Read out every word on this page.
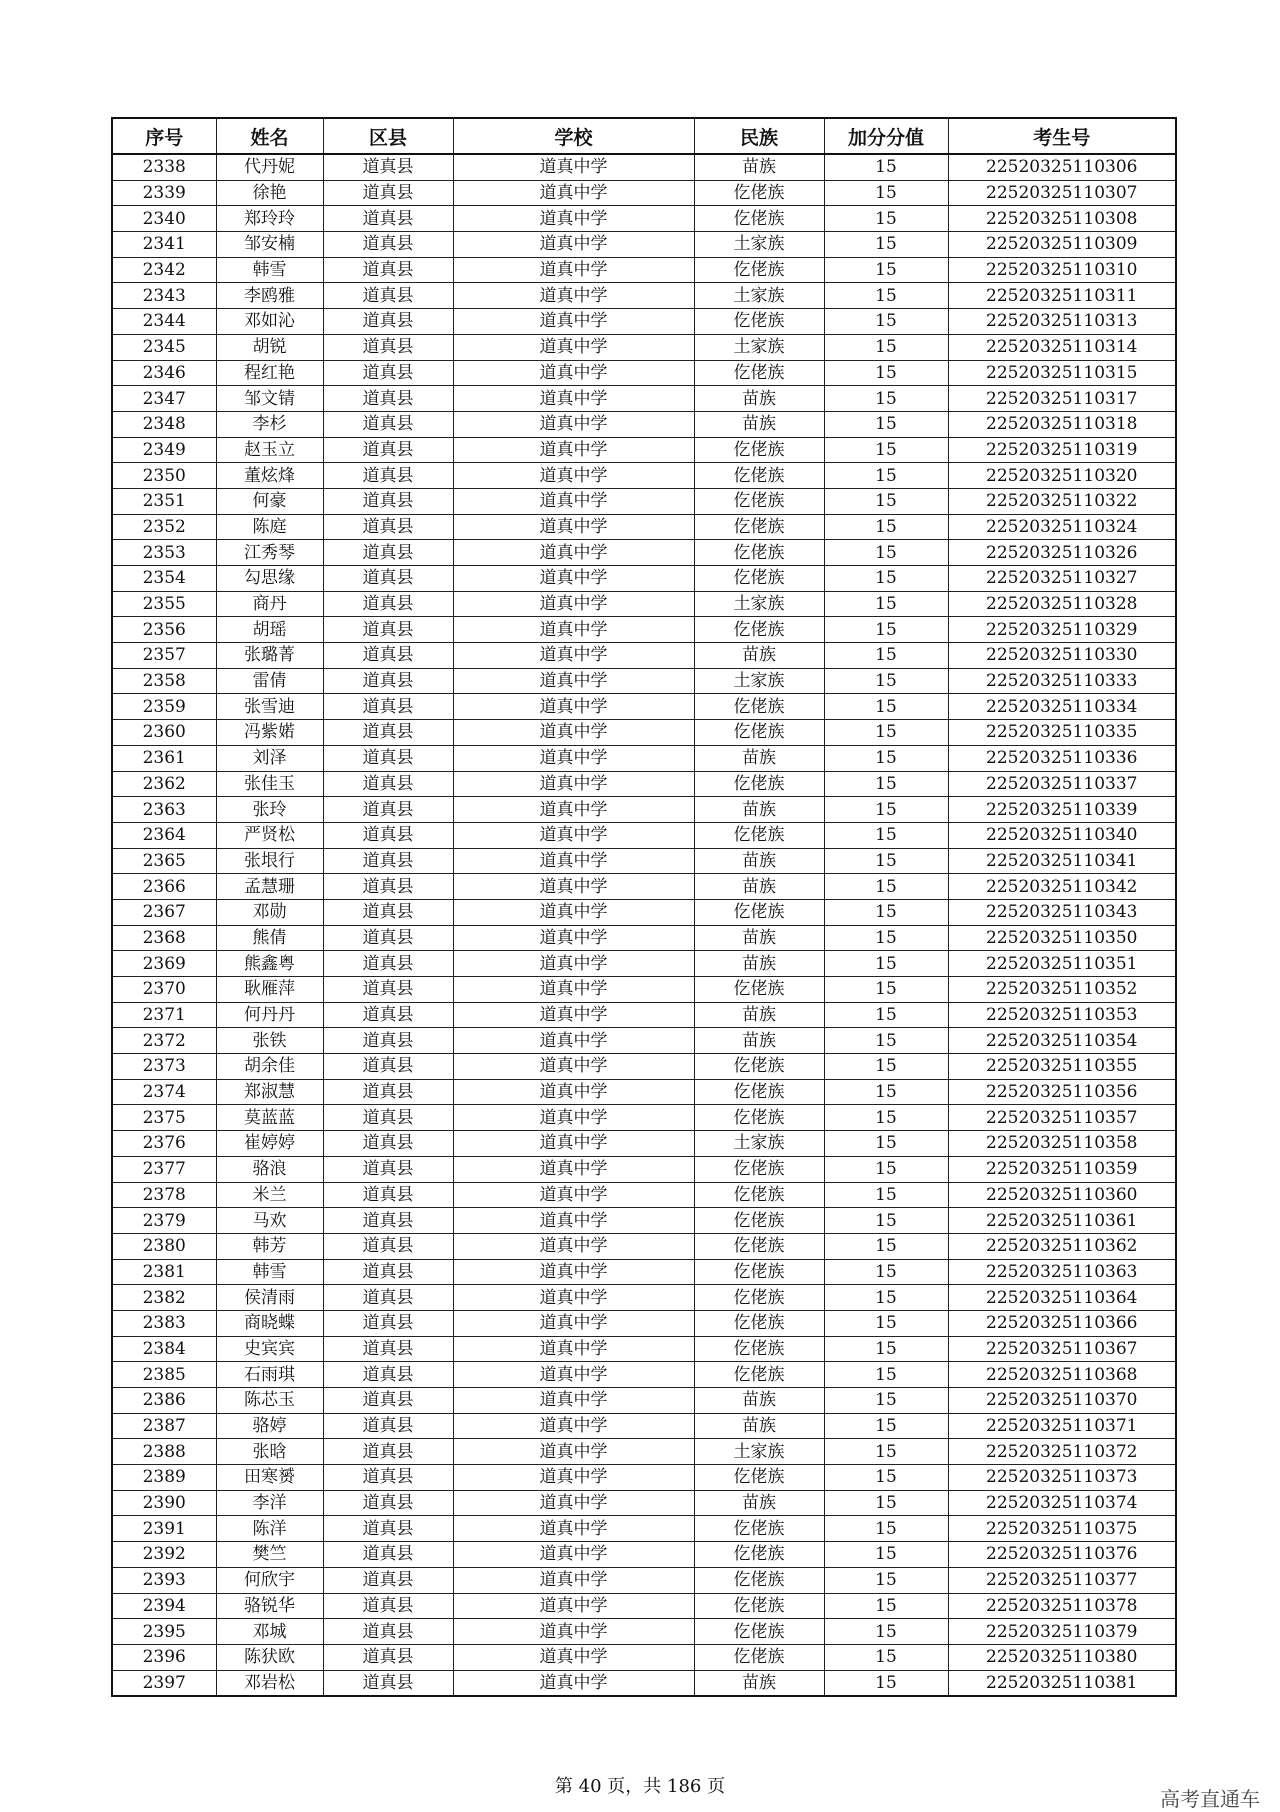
序号	姓名	区县	学校	民族	加分分值	考生号
2338	代丹妮	道真县	道真中学	苗族	15	22520325110306
2339	徐艳	道真县	道真中学	仡佬族	15	22520325110307
2340	郑玲玲	道真县	道真中学	仡佬族	15	22520325110308
2341	邹安楠	道真县	道真中学	土家族	15	22520325110309
2342	韩雪	道真县	道真中学	仡佬族	15	22520325110310
2343	李鸥雅	道真县	道真中学	土家族	15	22520325110311
2344	邓如沁	道真县	道真中学	仡佬族	15	22520325110313
2345	胡锐	道真县	道真中学	土家族	15	22520325110314
2346	程红艳	道真县	道真中学	仡佬族	15	22520325110315
2347	邹文锖	道真县	道真中学	苗族	15	22520325110317
2348	李杉	道真县	道真中学	苗族	15	22520325110318
2349	赵玉立	道真县	道真中学	仡佬族	15	22520325110319
2350	董炫烽	道真县	道真中学	仡佬族	15	22520325110320
2351	何豪	道真县	道真中学	仡佬族	15	22520325110322
2352	陈庭	道真县	道真中学	仡佬族	15	22520325110324
2353	江秀琴	道真县	道真中学	仡佬族	15	22520325110326
2354	勾思缘	道真县	道真中学	仡佬族	15	22520325110327
2355	商丹	道真县	道真中学	土家族	15	22520325110328
2356	胡瑶	道真县	道真中学	仡佬族	15	22520325110329
2357	张璐菁	道真县	道真中学	苗族	15	22520325110330
2358	雷倩	道真县	道真中学	土家族	15	22520325110333
2359	张雪迪	道真县	道真中学	仡佬族	15	22520325110334
2360	冯紫婼	道真县	道真中学	仡佬族	15	22520325110335
2361	刘泽	道真县	道真中学	苗族	15	22520325110336
2362	张佳玉	道真县	道真中学	仡佬族	15	22520325110337
2363	张玲	道真县	道真中学	苗族	15	22520325110339
2364	严贤松	道真县	道真中学	仡佬族	15	22520325110340
2365	张垠行	道真县	道真中学	苗族	15	22520325110341
2366	孟慧珊	道真县	道真中学	苗族	15	22520325110342
2367	邓勋	道真县	道真中学	仡佬族	15	22520325110343
2368	熊倩	道真县	道真中学	苗族	15	22520325110350
2369	熊鑫粤	道真县	道真中学	苗族	15	22520325110351
2370	耿雁萍	道真县	道真中学	仡佬族	15	22520325110352
2371	何丹丹	道真县	道真中学	苗族	15	22520325110353
2372	张铁	道真县	道真中学	苗族	15	22520325110354
2373	胡余佳	道真县	道真中学	仡佬族	15	22520325110355
2374	郑淑慧	道真县	道真中学	仡佬族	15	22520325110356
2375	莫蓝蓝	道真县	道真中学	仡佬族	15	22520325110357
2376	崔婷婷	道真县	道真中学	土家族	15	22520325110358
2377	骆浪	道真县	道真中学	仡佬族	15	22520325110359
2378	米兰	道真县	道真中学	仡佬族	15	22520325110360
2379	马欢	道真县	道真中学	仡佬族	15	22520325110361
2380	韩芳	道真县	道真中学	仡佬族	15	22520325110362
2381	韩雪	道真县	道真中学	仡佬族	15	22520325110363
2382	侯清雨	道真县	道真中学	仡佬族	15	22520325110364
2383	商晓蝶	道真县	道真中学	仡佬族	15	22520325110366
2384	史宾宾	道真县	道真中学	仡佬族	15	22520325110367
2385	石雨琪	道真县	道真中学	仡佬族	15	22520325110368
2386	陈芯玉	道真县	道真中学	苗族	15	22520325110370
2387	骆婷	道真县	道真中学	苗族	15	22520325110371
2388	张晗	道真县	道真中学	土家族	15	22520325110372
2389	田寒赟	道真县	道真中学	仡佬族	15	22520325110373
2390	李洋	道真县	道真中学	苗族	15	22520325110374
2391	陈洋	道真县	道真中学	仡佬族	15	22520325110375
2392	樊竺	道真县	道真中学	仡佬族	15	22520325110376
2393	何欣宇	道真县	道真中学	仡佬族	15	22520325110377
2394	骆锐华	道真县	道真中学	仡佬族	15	22520325110378
2395	邓城	道真县	道真中学	仡佬族	15	22520325110379
2396	陈犾欧	道真县	道真中学	仡佬族	15	22520325110380
2397	邓岩松	道真县	道真中学	苗族	15	22520325110381
第 40 页，共 186 页
高考直通车
